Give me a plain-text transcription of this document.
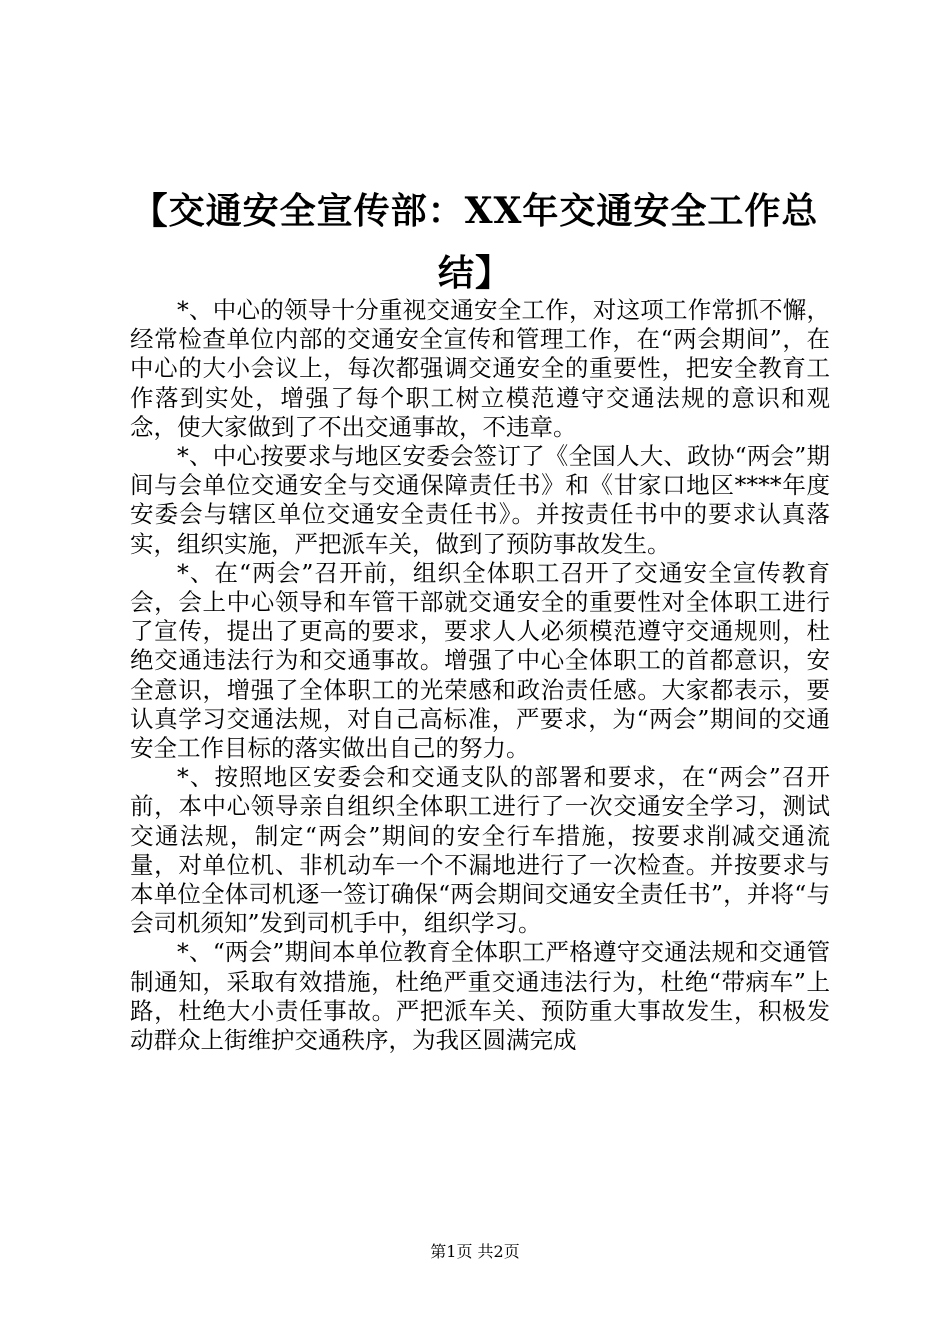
【交通安全宣传部：XX年交通安全工作总结】

*、中心的领导十分重视交通安全工作，对这项工作常抓不懈，经常检查单位内部的交通安全宣传和管理工作，在“两会期间”，在中心的大小会议上，每次都强调交通安全的重要性，把安全教育工作落到实处，增强了每个职工树立模范遵守交通法规的意识和观念，使大家做到了不出交通事故，不违章。

*、中心按要求与地区安委会签订了《全国人大、政协“两会”期间与会单位交通安全与交通保障责任书》和《甘家口地区****年度安委会与辖区单位交通安全责任书》。并按责任书中的要求认真落实，组织实施，严把派车关，做到了预防事故发生。

*、在“两会”召开前，组织全体职工召开了交通安全宣传教育会，会上中心领导和车管干部就交通安全的重要性对全体职工进行了宣传，提出了更高的要求，要求人人必须模范遵守交通规则，杜绝交通违法行为和交通事故。增强了中心全体职工的首都意识，安全意识，增强了全体职工的光荣感和政治责任感。大家都表示，要认真学习交通法规，对自己高标准，严要求，为“两会”期间的交通安全工作目标的落实做出自己的努力。

*、按照地区安委会和交通支队的部署和要求，在“两会”召开前，本中心领导亲自组织全体职工进行了一次交通安全学习，测试交通法规，制定“两会”期间的安全行车措施，按要求削减交通流量，对单位机、非机动车一个不漏地进行了一次检查。并按要求与本单位全体司机逐一签订确保“两会期间交通安全责任书”，并将“与会司机须知”发到司机手中，组织学习。

*、“两会”期间本单位教育全体职工严格遵守交通法规和交通管制通知，采取有效措施，杜绝严重交通违法行为，杜绝“带病车”上路，杜绝大小责任事故。严把派车关、预防重大事故发生，积极发动群众上街维护交通秩序，为我区圆满完成

第1页 共2页
